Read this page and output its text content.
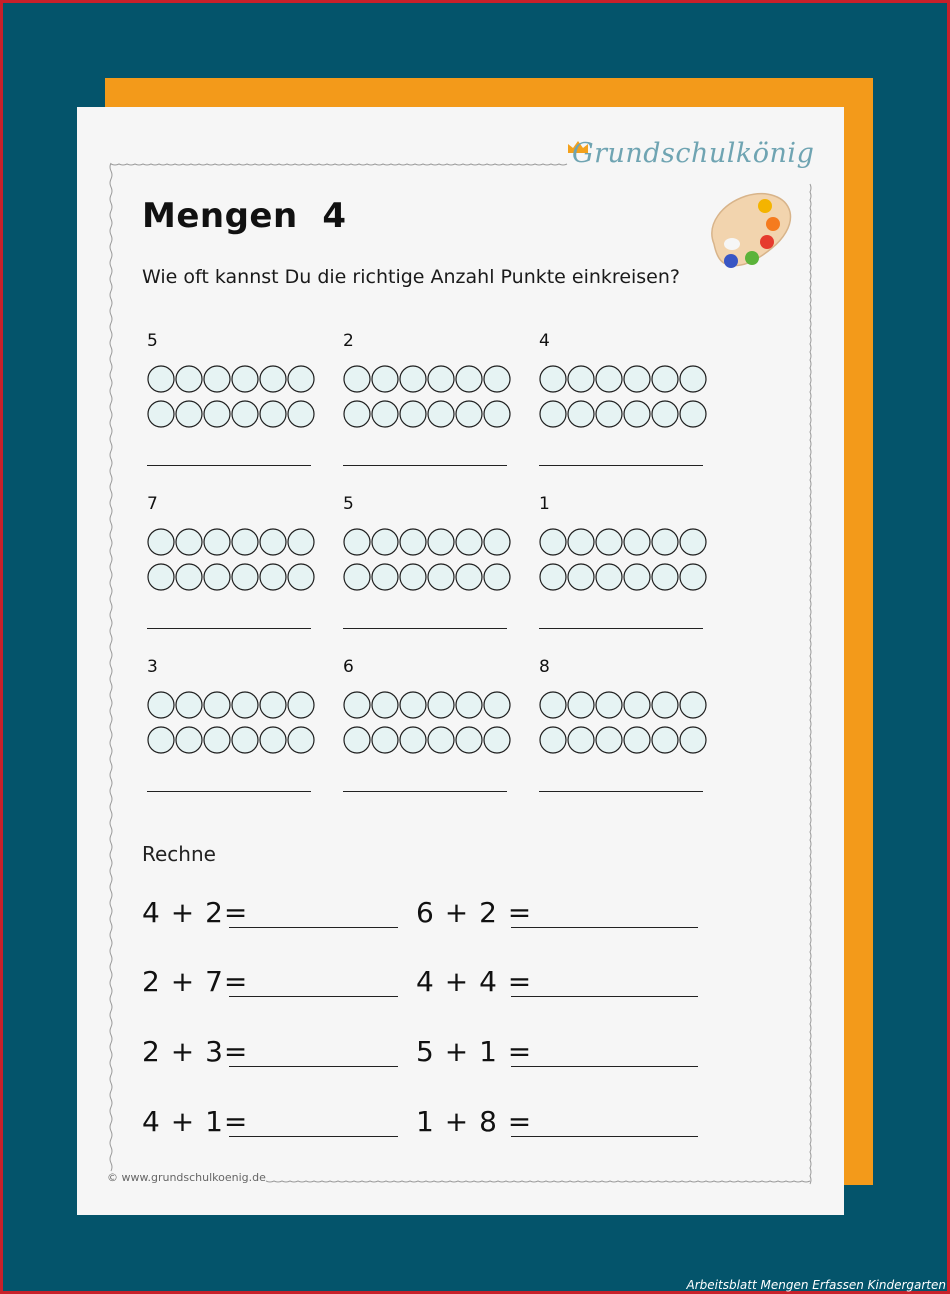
Grundschulkönig
Mengen  4
Wie oft kannst Du die richtige Anzahl Punkte einkreisen?
5	2	4
7	5	1
3	6	8
Rechne
4 + 2=
2 + 7=
2 + 3=
4 + 1=
6 + 2 =
4 + 4 =
5 + 1 =
1 + 8 =
© www.grundschulkoenig.de
Arbeitsblatt Mengen Erfassen Kindergarten
